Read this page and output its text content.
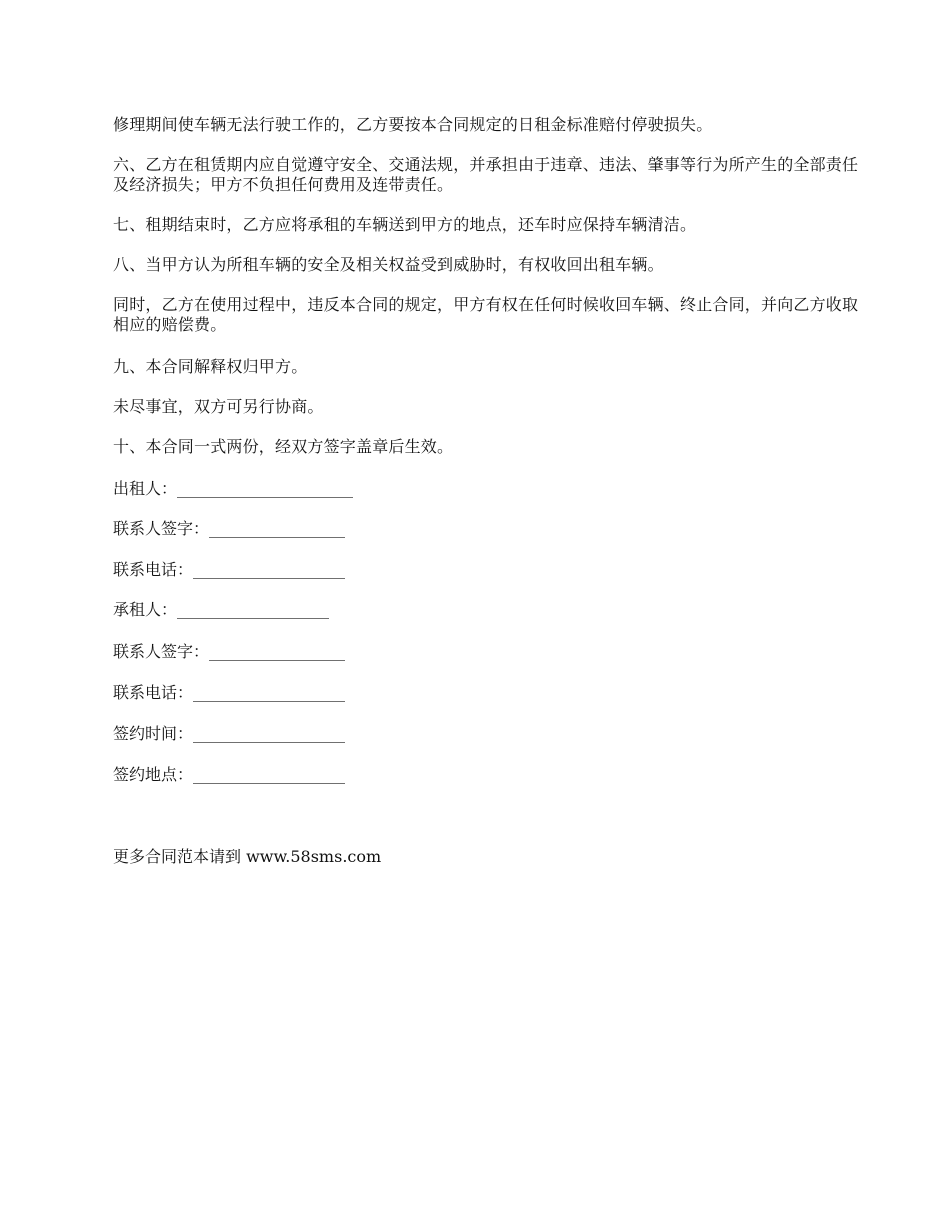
修理期间使车辆无法行驶工作的，乙方要按本合同规定的日租金标准赔付停驶损失。
六、乙方在租赁期内应自觉遵守安全、交通法规，并承担由于违章、违法、肇事等行为所产生的全部责任及经济损失；甲方不负担任何费用及连带责任。
七、租期结束时，乙方应将承租的车辆送到甲方的地点，还车时应保持车辆清洁。
八、当甲方认为所租车辆的安全及相关权益受到威胁时，有权收回出租车辆。
同时，乙方在使用过程中，违反本合同的规定，甲方有权在任何时候收回车辆、终止合同，并向乙方收取相应的赔偿费。
九、本合同解释权归甲方。
未尽事宜，双方可另行协商。
十、本合同一式两份，经双方签字盖章后生效。
出租人：______________________
联系人签字：_________________
联系电话：___________________
承租人：___________________
联系人签字：_________________
联系电话：___________________
签约时间：___________________
签约地点：___________________
更多合同范本请到 www.58sms.com
